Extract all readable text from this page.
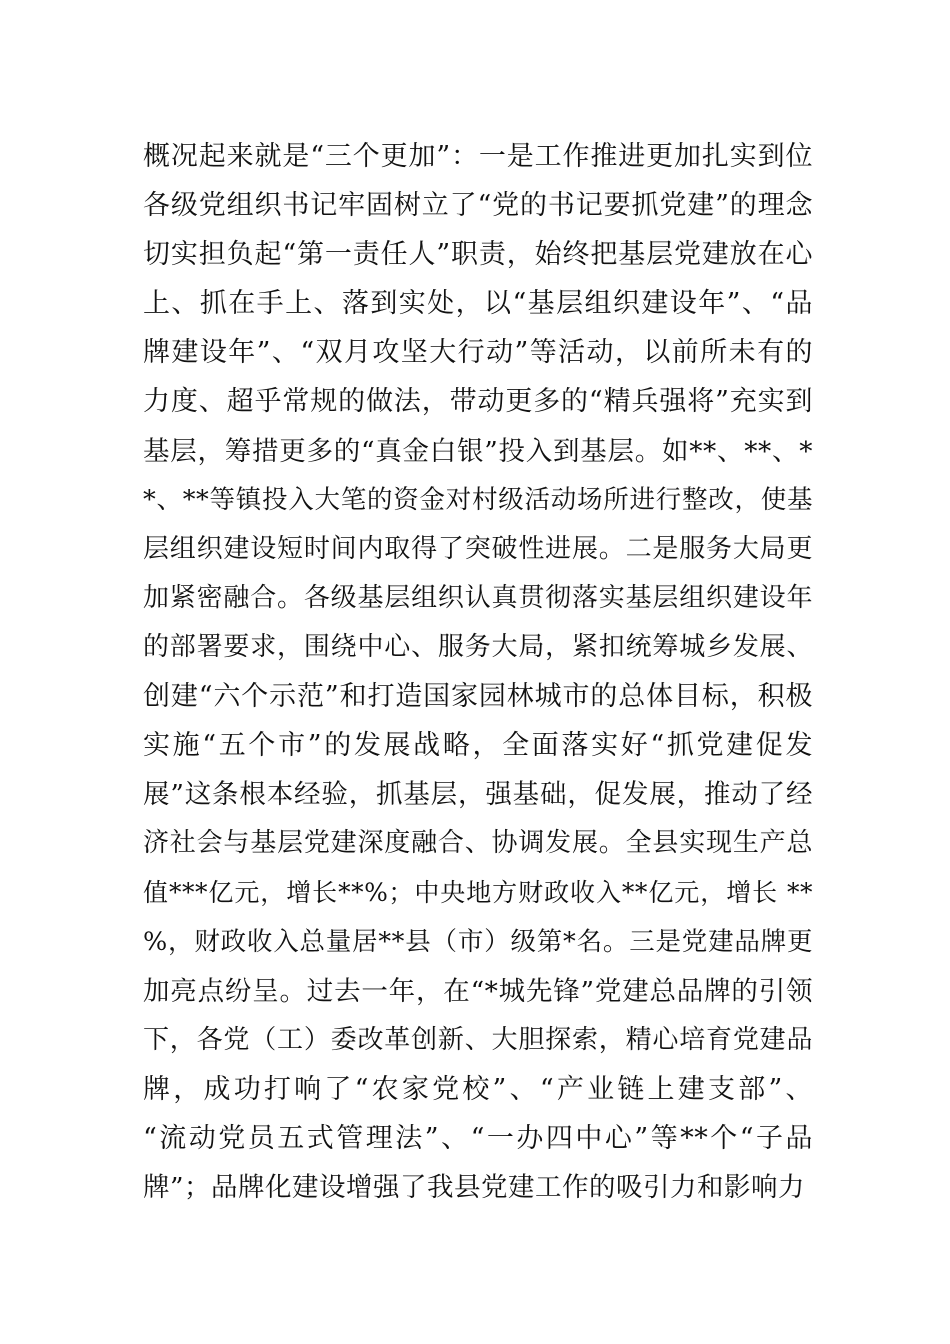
概况起来就是“三个更加”：一是工作推进更加扎实到位
各级党组织书记牢固树立了“党的书记要抓党建”的理念
切实担负起“第一责任人”职责，始终把基层党建放在心
上、抓在手上、落到实处，以“基层组织建设年”、“品
牌建设年”、“双月攻坚大行动”等活动，以前所未有的
力度、超乎常规的做法，带动更多的“精兵强将”充实到
基层，筹措更多的“真金白银”投入到基层。如**、**、*
*、**等镇投入大笔的资金对村级活动场所进行整改，使基
层组织建设短时间内取得了突破性进展。二是服务大局更
加紧密融合。各级基层组织认真贯彻落实基层组织建设年
的部署要求，围绕中心、服务大局，紧扣统筹城乡发展、
创建“六个示范”和打造国家园林城市的总体目标，积极
实施“五个市”的发展战略，全面落实好“抓党建促发
展”这条根本经验，抓基层，强基础，促发展，推动了经
济社会与基层党建深度融合、协调发展。全县实现生产总
值***亿元，增长**%；中央地方财政收入**亿元，增长 **
%，财政收入总量居**县（市）级第*名。三是党建品牌更
加亮点纷呈。过去一年，在“*城先锋”党建总品牌的引领
下，各党（工）委改革创新、大胆探索，精心培育党建品
牌，成功打响了“农家党校”、“产业链上建支部”、
“流动党员五式管理法”、“一办四中心”等**个“子品
牌”；品牌化建设增强了我县党建工作的吸引力和影响力
